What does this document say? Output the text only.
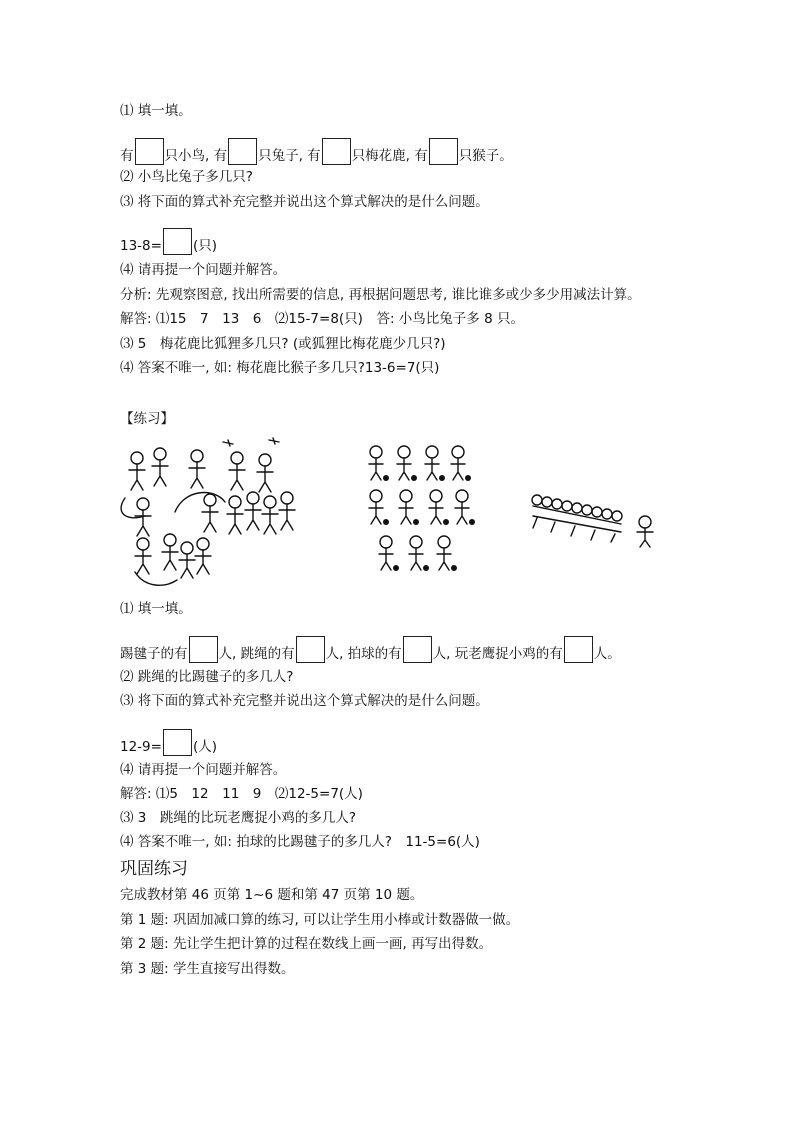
⑴ 填一填。
有 只小鸟, 有 只兔子, 有 只梅花鹿, 有 只猴子。
⑵ 小鸟比兔子多几只?
⑶ 将下面的算式补充完整并说出这个算式解决的是什么问题。
13-8= (只)
⑷ 请再提一个问题并解答。
分析: 先观察图意, 找出所需要的信息, 再根据问题思考, 谁比谁多或少多少用减法计算。
解答: ⑴15　7　13　6　⑵15-7=8(只)　答: 小鸟比兔子多 8 只。
⑶ 5　梅花鹿比狐狸多几只? (或狐狸比梅花鹿少几只?)
⑷ 答案不唯一, 如: 梅花鹿比猴子多几只?13-6=7(只)
【练习】
⑴ 填一填。
踢毽子的有 人, 跳绳的有 人, 拍球的有 人, 玩老鹰捉小鸡的有 人。
⑵ 跳绳的比踢毽子的多几人?
⑶ 将下面的算式补充完整并说出这个算式解决的是什么问题。
12-9= (人)
⑷ 请再提一个问题并解答。
解答: ⑴5　12　11　9　⑵12-5=7(人)
⑶ 3　跳绳的比玩老鹰捉小鸡的多几人?
⑷ 答案不唯一, 如: 拍球的比踢毽子的多几人?　11-5=6(人)
巩固练习
完成教材第 46 页第 1~6 题和第 47 页第 10 题。
第 1 题: 巩固加减口算的练习, 可以让学生用小棒或计数器做一做。
第 2 题: 先让学生把计算的过程在数线上画一画, 再写出得数。
第 3 题: 学生直接写出得数。
